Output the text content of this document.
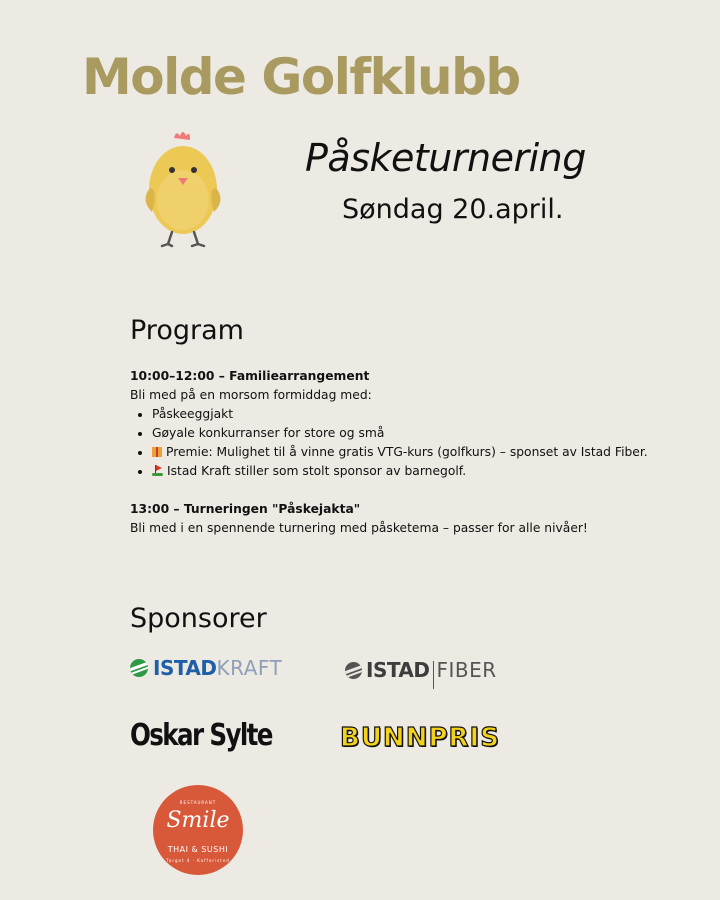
Molde Golfklubb
Påsketurnering

Søndag 20.april.

Program

10:00–12:00 – Familiearrangement

Bli med på en morsom formiddag med:

• Påskeeggjakt
• Gøyale konkurranser for store og små
• Premie: Mulighet til å vinne gratis VTG-kurs (golfkurs) – sponset av Istad Fiber.
• Istad Kraft stiller som stolt sponsor av barnegolf.

13:00 – Turneringen "Påskejakta"

Bli med i en spennende turnering med påsketema – passer for alle nivåer!

Sponsorer
ISTAD KRAFT	ISTAD FIBER
Oskar Sylte	BUNNPRIS
RESTAURANT
Smile
THAI & SUSHI
Torget 4 · Kafferisted
